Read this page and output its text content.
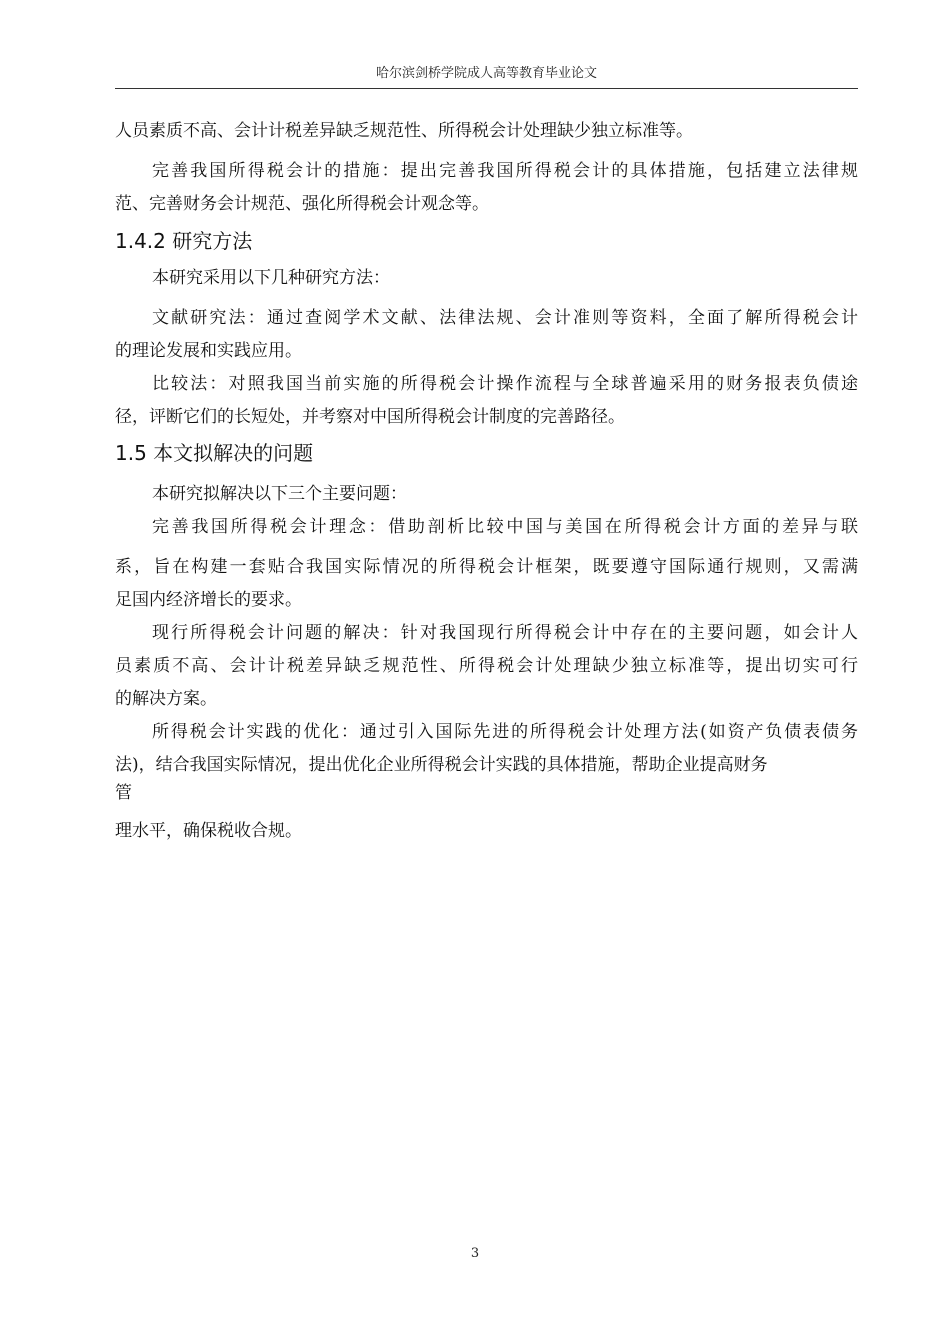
哈尔滨剑桥学院成人高等教育毕业论文
人员素质不高、会计计税差异缺乏规范性、所得税会计处理缺少独立标准等。
完善我国所得税会计的措施：提出完善我国所得税会计的具体措施，包括建立法律规
范、完善财务会计规范、强化所得税会计观念等。
1.4.2 研究方法
本研究采用以下几种研究方法：
文献研究法：通过查阅学术文献、法律法规、会计准则等资料，全面了解所得税会计
的理论发展和实践应用。
比较法：对照我国当前实施的所得税会计操作流程与全球普遍采用的财务报表负债途
径，评断它们的长短处，并考察对中国所得税会计制度的完善路径。
1.5 本文拟解决的问题
本研究拟解决以下三个主要问题：
完善我国所得税会计理念：借助剖析比较中国与美国在所得税会计方面的差异与联
系，旨在构建一套贴合我国实际情况的所得税会计框架，既要遵守国际通行规则，又需满
足国内经济增长的要求。
现行所得税会计问题的解决：针对我国现行所得税会计中存在的主要问题，如会计人
员素质不高、会计计税差异缺乏规范性、所得税会计处理缺少独立标准等，提出切实可行
的解决方案。
所得税会计实践的优化：通过引入国际先进的所得税会计处理方法(如资产负债表债务
法)，结合我国实际情况，提出优化企业所得税会计实践的具体措施，帮助企业提高财务
管
理水平，确保税收合规。
3
